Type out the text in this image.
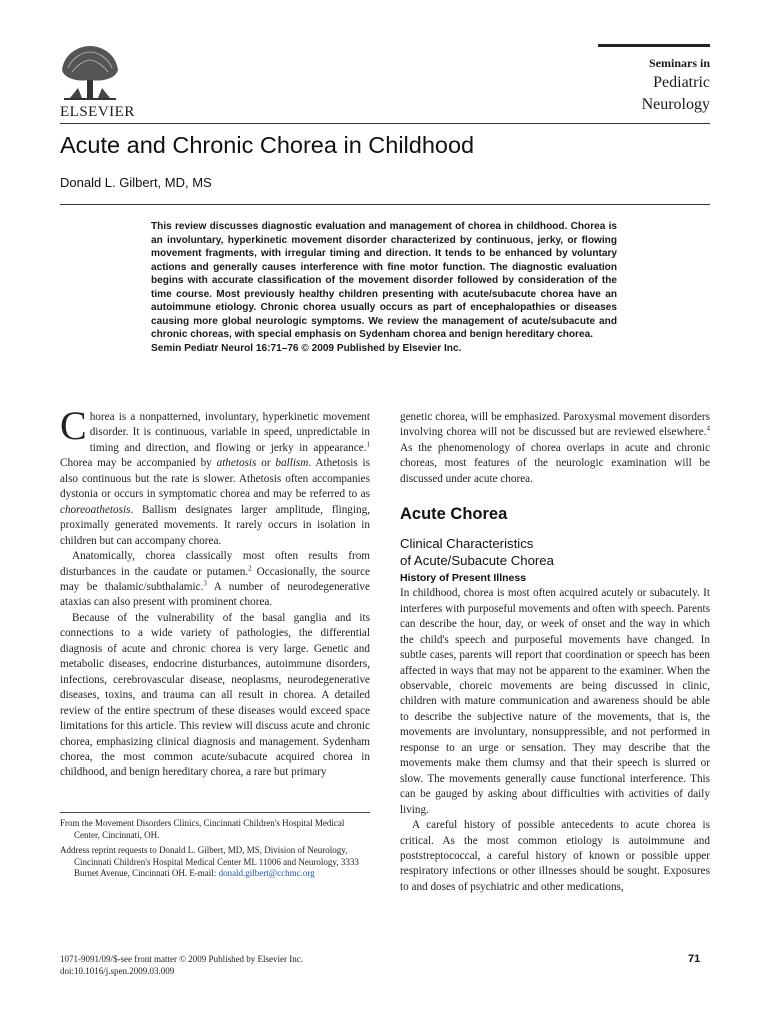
ELSEVIER
Seminars in
Pediatric
Neurology
Acute and Chronic Chorea in Childhood
Donald L. Gilbert, MD, MS
This review discusses diagnostic evaluation and management of chorea in childhood. Chorea is an involuntary, hyperkinetic movement disorder characterized by continuous, jerky, or flowing movement fragments, with irregular timing and direction. It tends to be enhanced by voluntary actions and generally causes interference with fine motor function. The diagnostic evaluation begins with accurate classification of the movement disorder followed by consideration of the time course. Most previously healthy children presenting with acute/subacute chorea have an autoimmune etiology. Chronic chorea usually occurs as part of encephalopathies or diseases causing more global neurologic symptoms. We review the management of acute/subacute and chronic choreas, with special emphasis on Sydenham chorea and benign hereditary chorea.
Semin Pediatr Neurol 16:71–76 © 2009 Published by Elsevier Inc.

Chorea is a nonpatterned, involuntary, hyperkinetic movement disorder. It is continuous, variable in speed, unpredictable in timing and direction, and flowing or jerky in appearance.$^1$ Chorea may be accompanied by athetosis or ballism. Athetosis is also continuous but the rate is slower. Athetosis often accompanies dystonia or occurs in symptomatic chorea and may be referred to as choreoathetosis. Ballism designates larger amplitude, flinging, proximally generated movements. It rarely occurs in isolation in children but can accompany chorea.

Anatomically, chorea classically most often results from disturbances in the caudate or putamen.$^2$ Occasionally, the source may be thalamic/subthalamic.$^3$ A number of neurodegenerative ataxias can also present with prominent chorea.

Because of the vulnerability of the basal ganglia and its connections to a wide variety of pathologies, the differential diagnosis of acute and chronic chorea is very large. Genetic and metabolic diseases, endocrine disturbances, autoimmune disorders, infections, cerebrovascular disease, neoplasms, neurodegenerative diseases, toxins, and trauma can all result in chorea. A detailed review of the entire spectrum of these diseases would exceed space limitations for this article. This review will discuss acute and chronic chorea, emphasizing clinical diagnosis and management. Sydenham chorea, the most common acute/subacute acquired chorea in childhood, and benign hereditary chorea, a rare but primary

genetic chorea, will be emphasized. Paroxysmal movement disorders involving chorea will not be discussed but are reviewed elsewhere.$^4$ As the phenomenology of chorea overlaps in acute and chronic choreas, most features of the neurologic examination will be discussed under acute chorea.

Acute Chorea
Clinical Characteristics
of Acute/Subacute Chorea
History of Present Illness

In childhood, chorea is most often acquired acutely or subacutely. It interferes with purposeful movements and often with speech. Parents can describe the hour, day, or week of onset and the way in which the child's speech and purposeful movements have changed. In subtle cases, parents will report that coordination or speech has been affected in ways that may not be apparent to the examiner. When the observable, choreic movements are being discussed in clinic, children with mature communication and awareness should be able to describe the subjective nature of the movements, that is, the movements are involuntary, nonsuppressible, and not performed in response to an urge or sensation. They may describe that the movements make them clumsy and that their speech is slurred or slow. The movements generally cause functional interference. This can be gauged by asking about difficulties with activities of daily living.

A careful history of possible antecedents to acute chorea is critical. As the most common etiology is autoimmune and poststreptococcal, a careful history of known or possible upper respiratory infections or other illnesses should be sought. Exposures to and doses of psychiatric and other medications,

From the Movement Disorders Clinics, Cincinnati Children's Hospital Medical Center, Cincinnati, OH.

Address reprint requests to Donald L. Gilbert, MD, MS, Division of Neurology, Cincinnati Children's Hospital Medical Center ML 11006 and Neurology, 3333 Burnet Avenue, Cincinnati OH. E-mail: donald.gilbert@cchmc.org

1071-9091/09/$-see front matter © 2009 Published by Elsevier Inc.
doi:10.1016/j.spen.2009.03.009
71
